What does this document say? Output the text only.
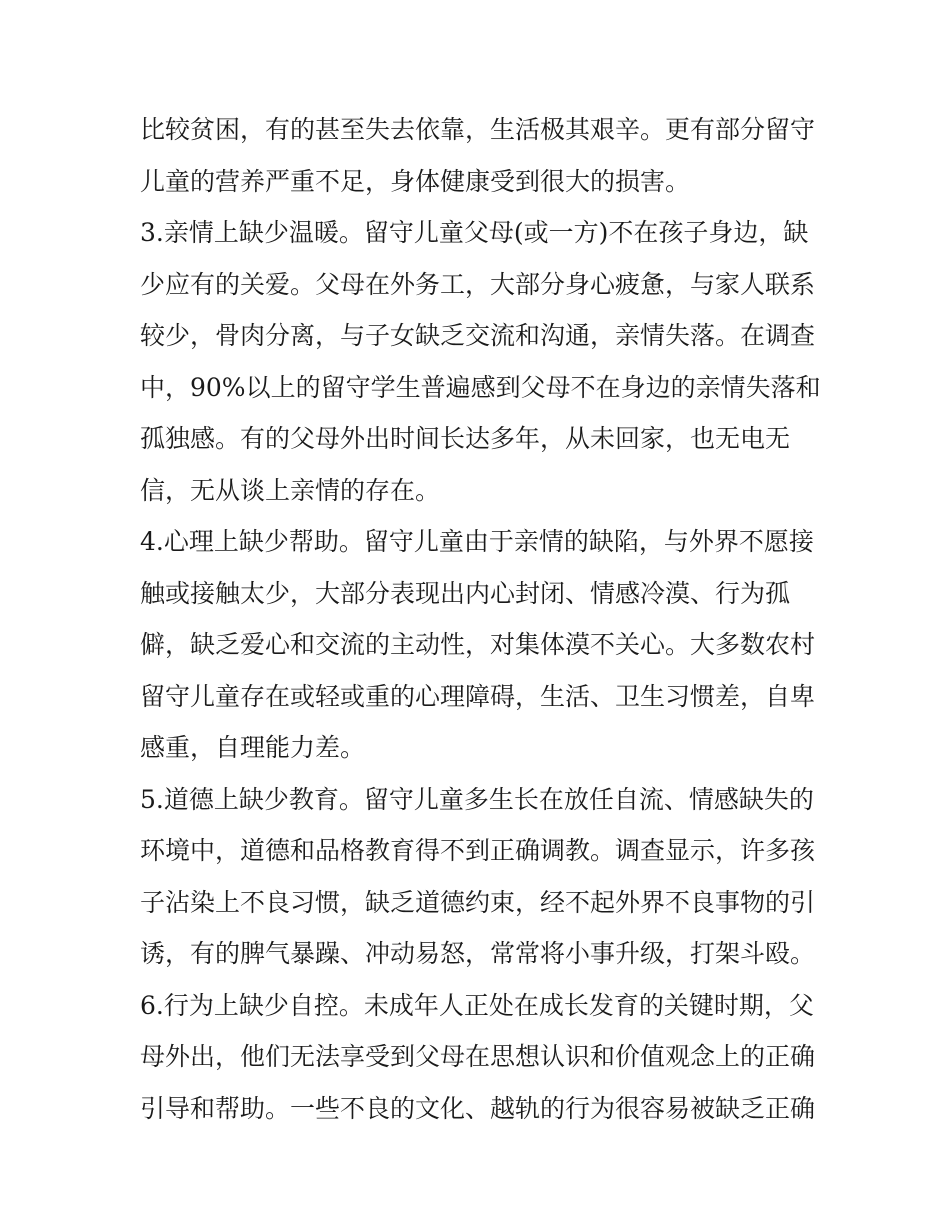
比较贫困，有的甚至失去依靠，生活极其艰辛。更有部分留守
儿童的营养严重不足，身体健康受到很大的损害。
3.亲情上缺少温暖。留守儿童父母(或一方)不在孩子身边，缺
少应有的关爱。父母在外务工，大部分身心疲惫，与家人联系
较少，骨肉分离，与子女缺乏交流和沟通，亲情失落。在调查
中，90%以上的留守学生普遍感到父母不在身边的亲情失落和
孤独感。有的父母外出时间长达多年，从未回家，也无电无
信，无从谈上亲情的存在。
4.心理上缺少帮助。留守儿童由于亲情的缺陷，与外界不愿接
触或接触太少，大部分表现出内心封闭、情感冷漠、行为孤
僻，缺乏爱心和交流的主动性，对集体漠不关心。大多数农村
留守儿童存在或轻或重的心理障碍，生活、卫生习惯差，自卑
感重，自理能力差。
5.道德上缺少教育。留守儿童多生长在放任自流、情感缺失的
环境中，道德和品格教育得不到正确调教。调查显示，许多孩
子沾染上不良习惯，缺乏道德约束，经不起外界不良事物的引
诱，有的脾气暴躁、冲动易怒，常常将小事升级，打架斗殴。
6.行为上缺少自控。未成年人正处在成长发育的关键时期，父
母外出，他们无法享受到父母在思想认识和价值观念上的正确
引导和帮助。一些不良的文化、越轨的行为很容易被缺乏正确
